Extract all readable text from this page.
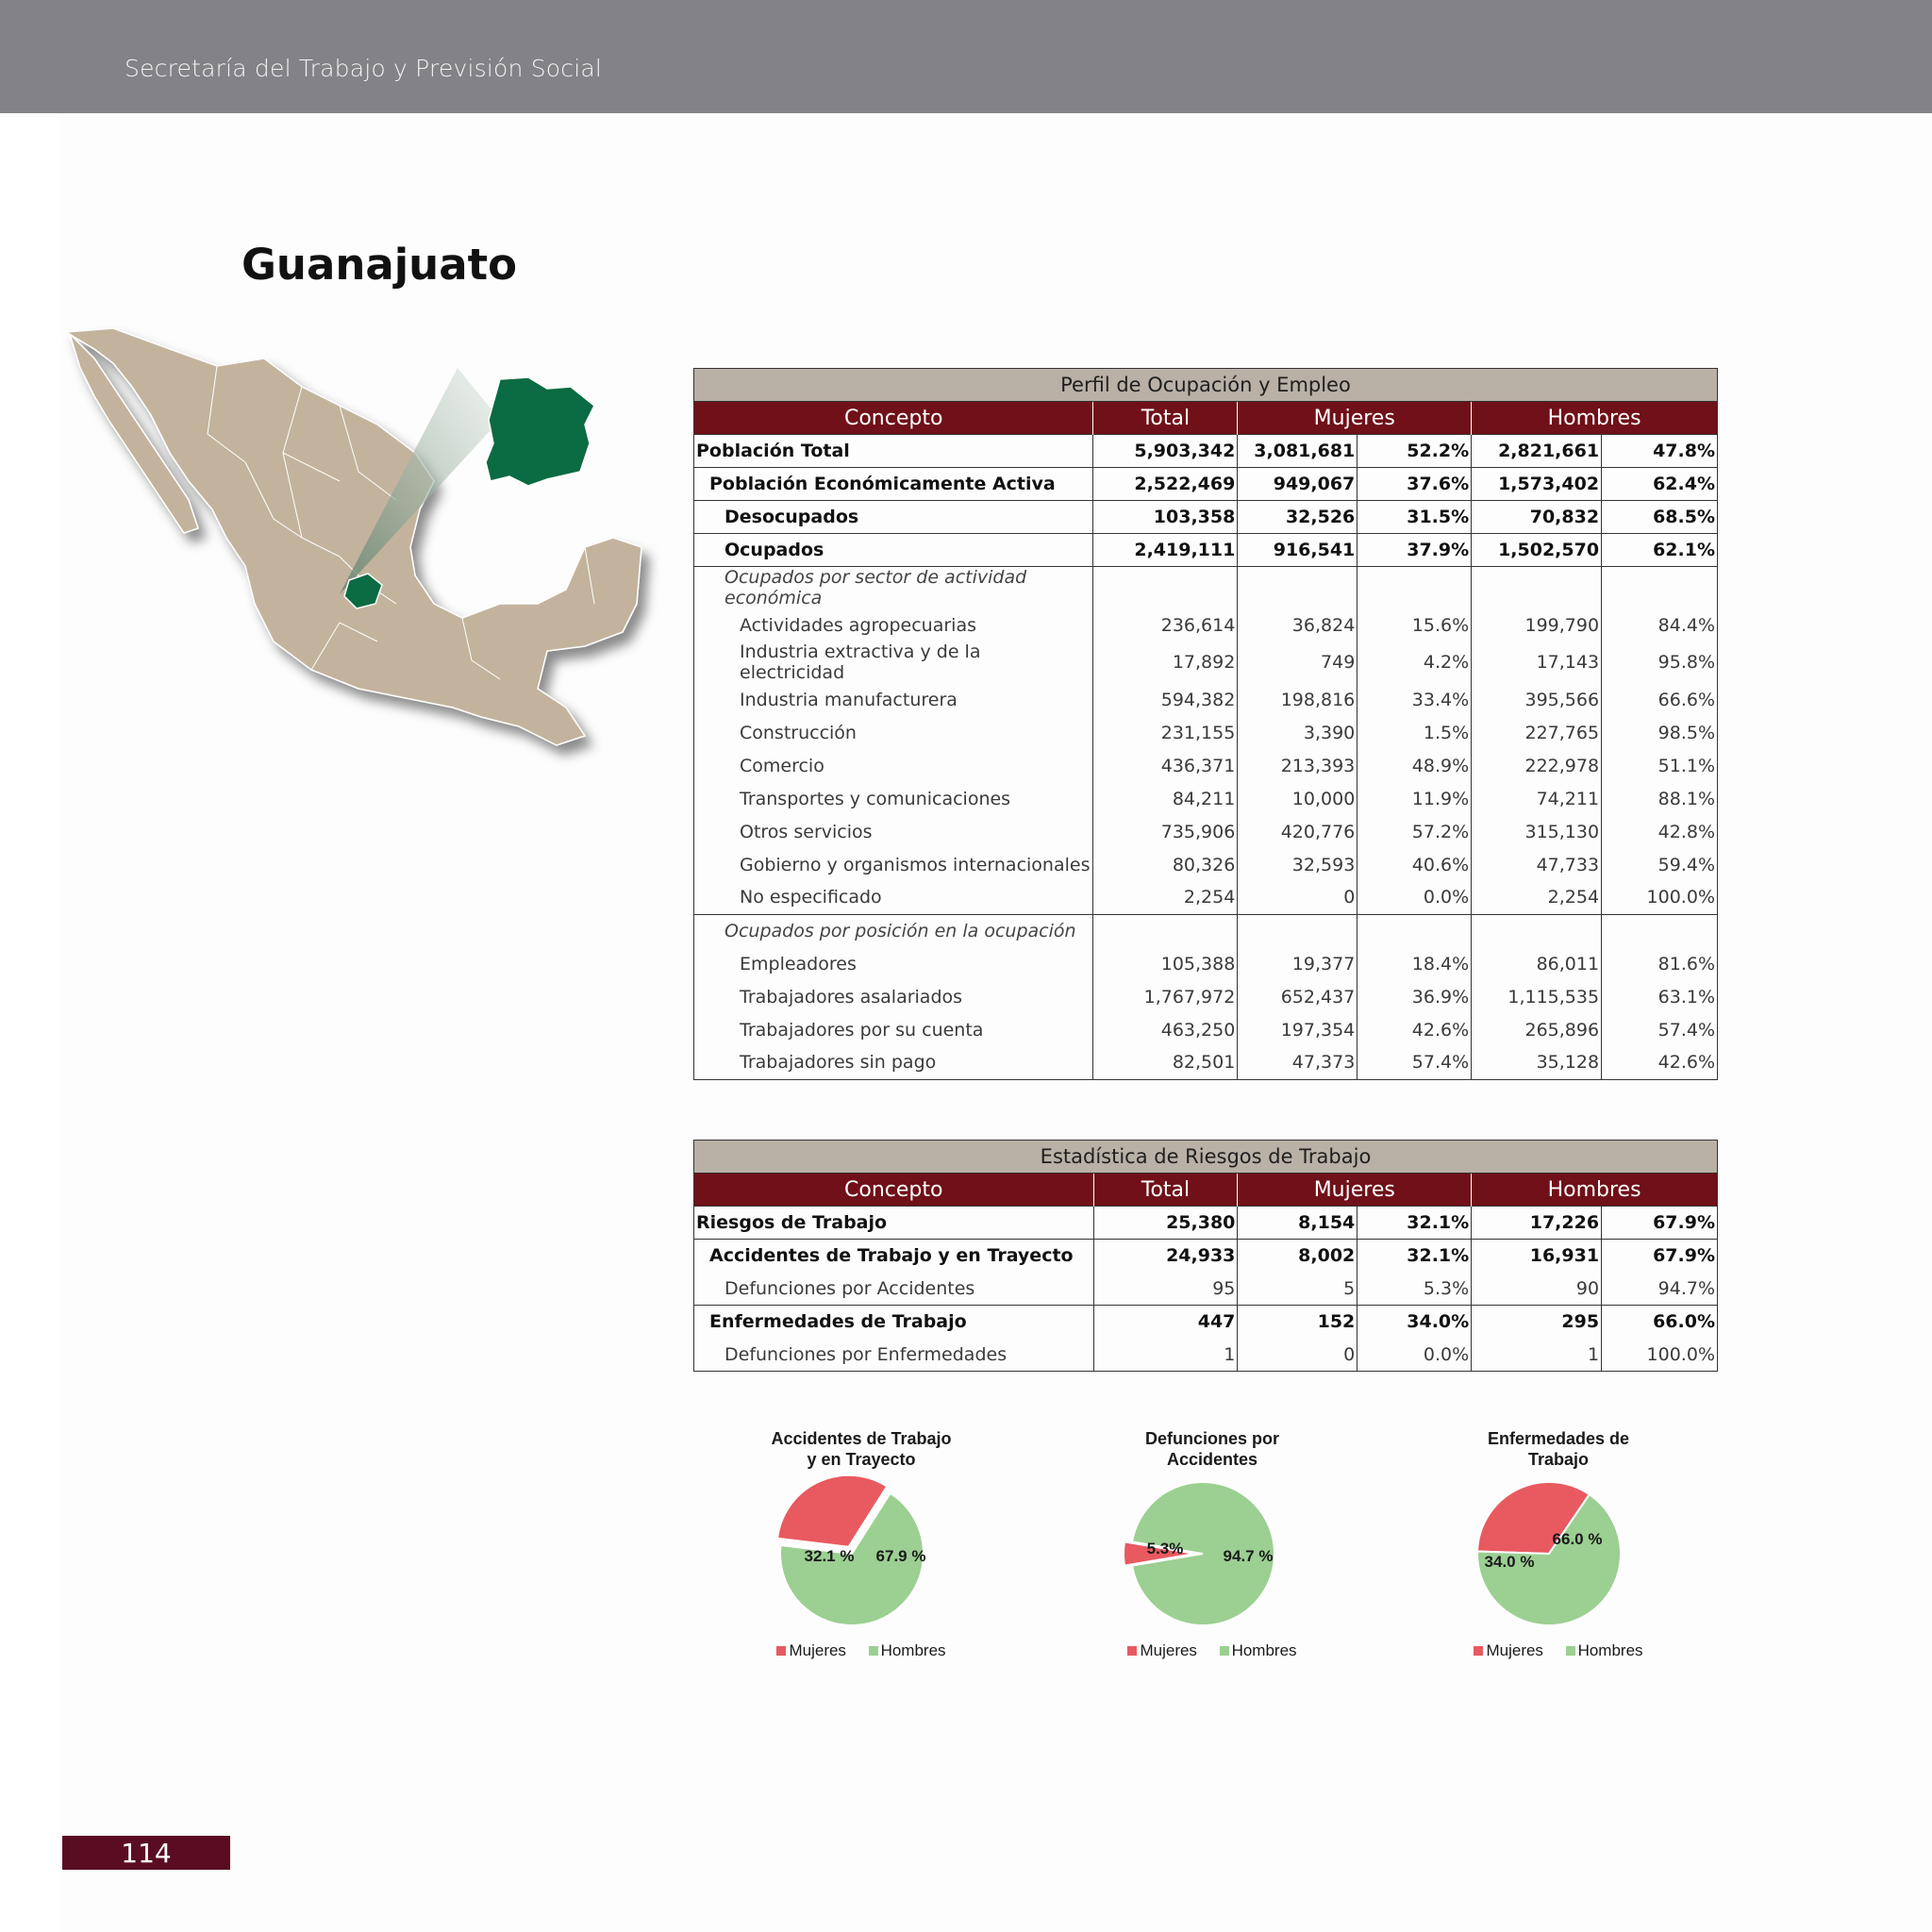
Secretaría del Trabajo y Previsión Social
Guanajuato
Perfil de Ocupación y Empleo					
Concepto	Total	Mujeres		Hombres	
Población Total	5,903,342	3,081,681	52.2%	2,821,661	47.8%
Población Económicamente Activa	2,522,469	949,067	37.6%	1,573,402	62.4%
Desocupados	103,358	32,526	31.5%	70,832	68.5%
Ocupados	2,419,111	916,541	37.9%	1,502,570	62.1%
Ocupados por sector de actividad económica					
Actividades agropecuarias	236,614	36,824	15.6%	199,790	84.4%
Industria extractiva y de la electricidad	17,892	749	4.2%	17,143	95.8%
Industria manufacturera	594,382	198,816	33.4%	395,566	66.6%
Construcción	231,155	3,390	1.5%	227,765	98.5%
Comercio	436,371	213,393	48.9%	222,978	51.1%
Transportes y comunicaciones	84,211	10,000	11.9%	74,211	88.1%
Otros servicios	735,906	420,776	57.2%	315,130	42.8%
Gobierno y organismos internacionales	80,326	32,593	40.6%	47,733	59.4%
No especificado	2,254	0	0.0%	2,254	100.0%
Ocupados por posición en la ocupación					
Empleadores	105,388	19,377	18.4%	86,011	81.6%
Trabajadores asalariados	1,767,972	652,437	36.9%	1,115,535	63.1%
Trabajadores por su cuenta	463,250	197,354	42.6%	265,896	57.4%
Trabajadores sin pago	82,501	47,373	57.4%	35,128	42.6%
Estadística de Riesgos de Trabajo					
Concepto	Total	Mujeres		Hombres	
Riesgos de Trabajo	25,380	8,154	32.1%	17,226	67.9%
Accidentes de Trabajo y en Trayecto	24,933	8,002	32.1%	16,931	67.9%
Defunciones por Accidentes	95	5	5.3%	90	94.7%
Enfermedades de Trabajo	447	152	34.0%	295	66.0%
Defunciones por Enfermedades	1	0	0.0%	1	100.0%
Accidentes de Trabajo
y en Trayecto
32.1 % 67.9 %
Mujeres Hombres
Defunciones por
Accidentes
5.3% 94.7 %
Mujeres Hombres
Enfermedades de
Trabajo
34.0 %
66.0 %
Mujeres Hombres
114
